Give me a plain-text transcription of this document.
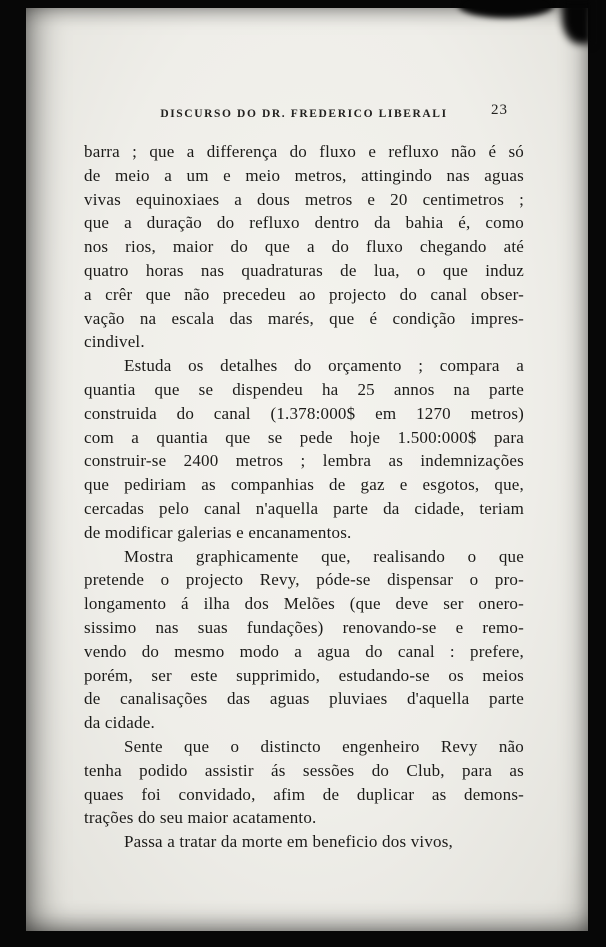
DISCURSO DO DR. FREDERICO LIBERALI	23
barra ; que a differença do fluxo e refluxo não é só
de meio a um e meio metros, attingindo nas aguas
vivas equinoxiaes a dous metros e 20 centimetros ;
que a duração do refluxo dentro da bahia é, como
nos rios, maior do que a do fluxo chegando até
quatro horas nas quadraturas de lua, o que induz
a crêr que não precedeu ao projecto do canal obser-
vação na escala das marés, que é condição impres-
cindivel.
Estuda os detalhes do orçamento ; compara a
quantia que se dispendeu ha 25 annos na parte
construida do canal (1.378:000$ em 1270 metros)
com a quantia que se pede hoje 1.500:000$ para
construir-se 2400 metros ; lembra as indemnizações
que pediriam as companhias de gaz e esgotos, que,
cercadas pelo canal n'aquella parte da cidade, teriam
de modificar galerias e encanamentos.
Mostra graphicamente que, realisando o que
pretende o projecto Revy, póde-se dispensar o pro-
longamento á ilha dos Melões (que deve ser onero-
sissimo nas suas fundações) renovando-se e remo-
vendo do mesmo modo a agua do canal : prefere,
porém, ser este supprimido, estudando-se os meios
de canalisações das aguas pluviaes d'aquella parte
da cidade.
Sente que o distincto engenheiro Revy não
tenha podido assistir ás sessões do Club, para as
quaes foi convidado, afim de duplicar as demons-
trações do seu maior acatamento.
Passa a tratar da morte em beneficio dos vivos,
